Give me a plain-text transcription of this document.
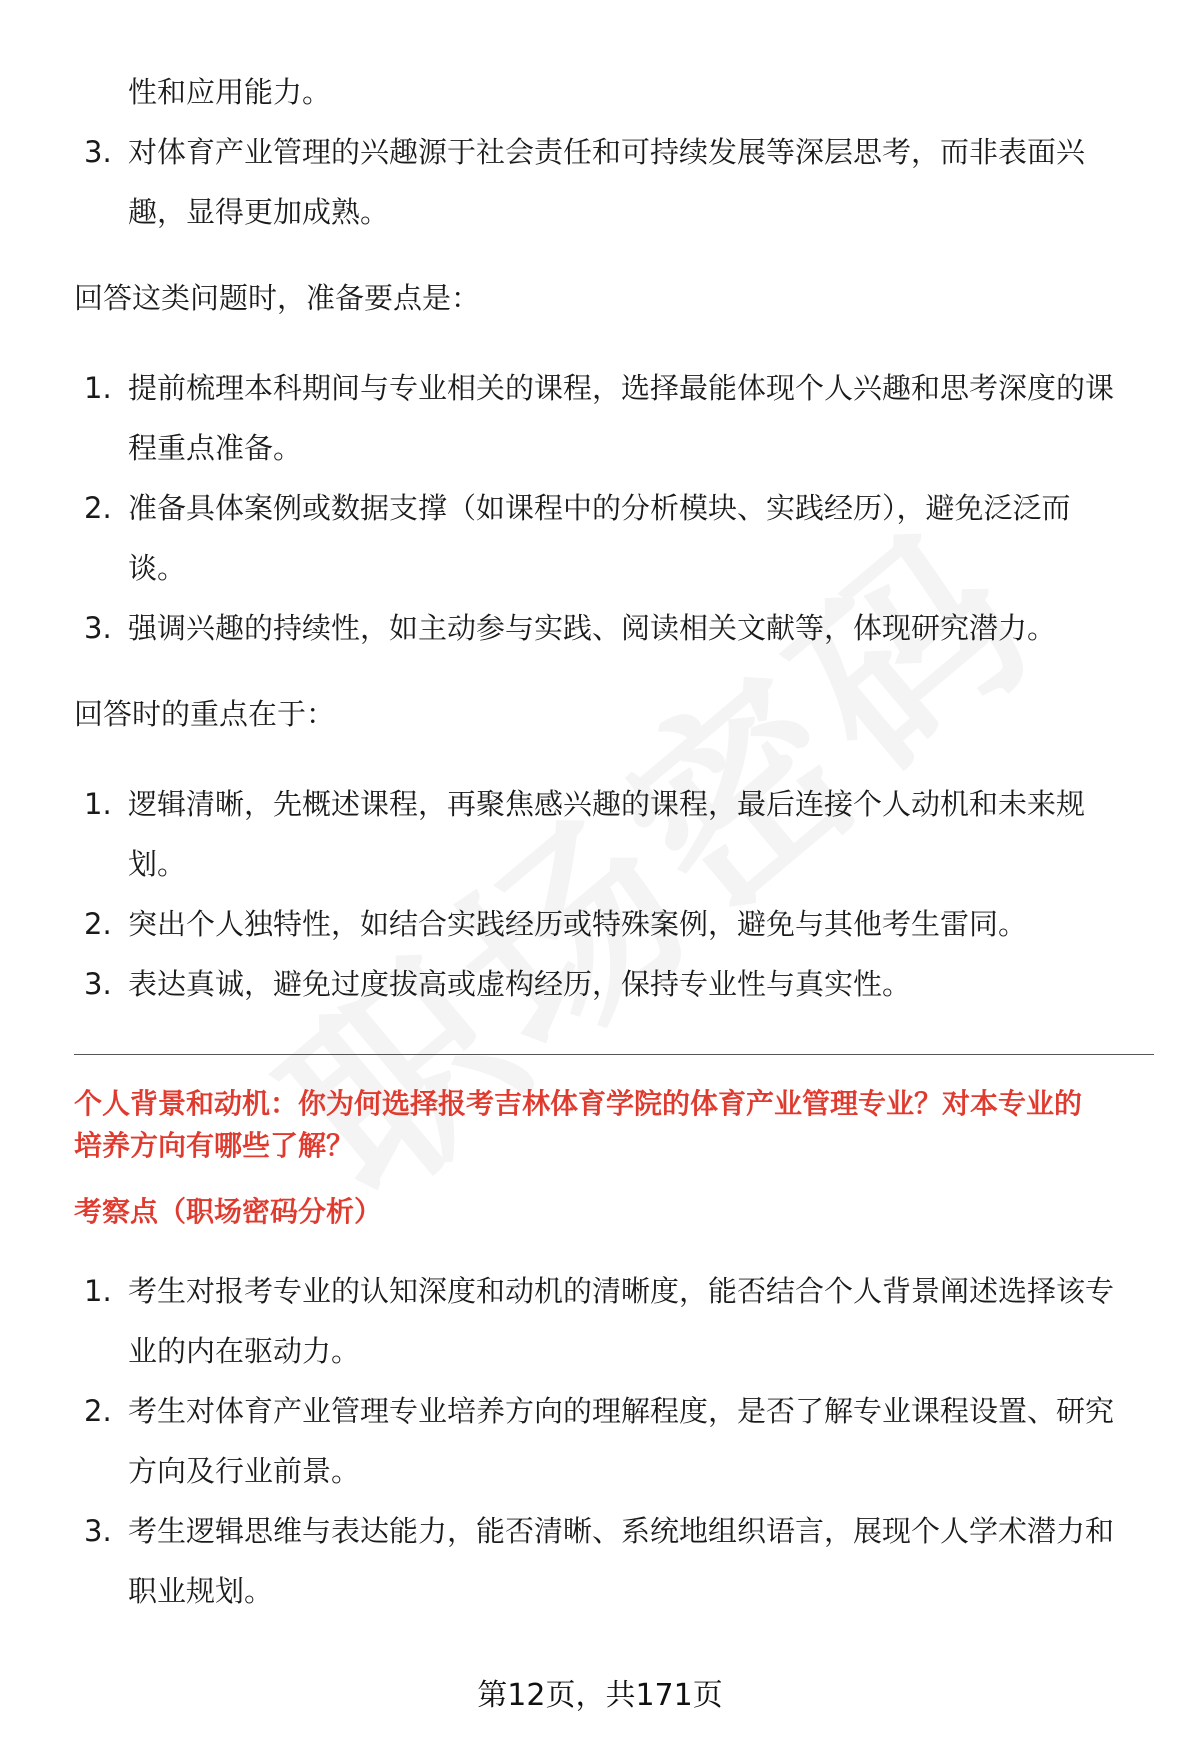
性和应用能力。
3. 对体育产业管理的兴趣源于社会责任和可持续发展等深层思考，而非表面兴
趣，显得更加成熟。
回答这类问题时，准备要点是：
1. 提前梳理本科期间与专业相关的课程，选择最能体现个人兴趣和思考深度的课
程重点准备。
2. 准备具体案例或数据支撑（如课程中的分析模块、实践经历），避免泛泛而
谈。
3. 强调兴趣的持续性，如主动参与实践、阅读相关文献等，体现研究潜力。
回答时的重点在于：
1. 逻辑清晰，先概述课程，再聚焦感兴趣的课程，最后连接个人动机和未来规
划。
2. 突出个人独特性，如结合实践经历或特殊案例，避免与其他考生雷同。
3. 表达真诚，避免过度拔高或虚构经历，保持专业性与真实性。
个人背景和动机：你为何选择报考吉林体育学院的体育产业管理专业？对本专业的
培养方向有哪些了解？
考察点（职场密码分析）
1. 考生对报考专业的认知深度和动机的清晰度，能否结合个人背景阐述选择该专
业的内在驱动力。
2. 考生对体育产业管理专业培养方向的理解程度，是否了解专业课程设置、研究
方向及行业前景。
3. 考生逻辑思维与表达能力，能否清晰、系统地组织语言，展现个人学术潜力和
职业规划。
第12页，共171页
